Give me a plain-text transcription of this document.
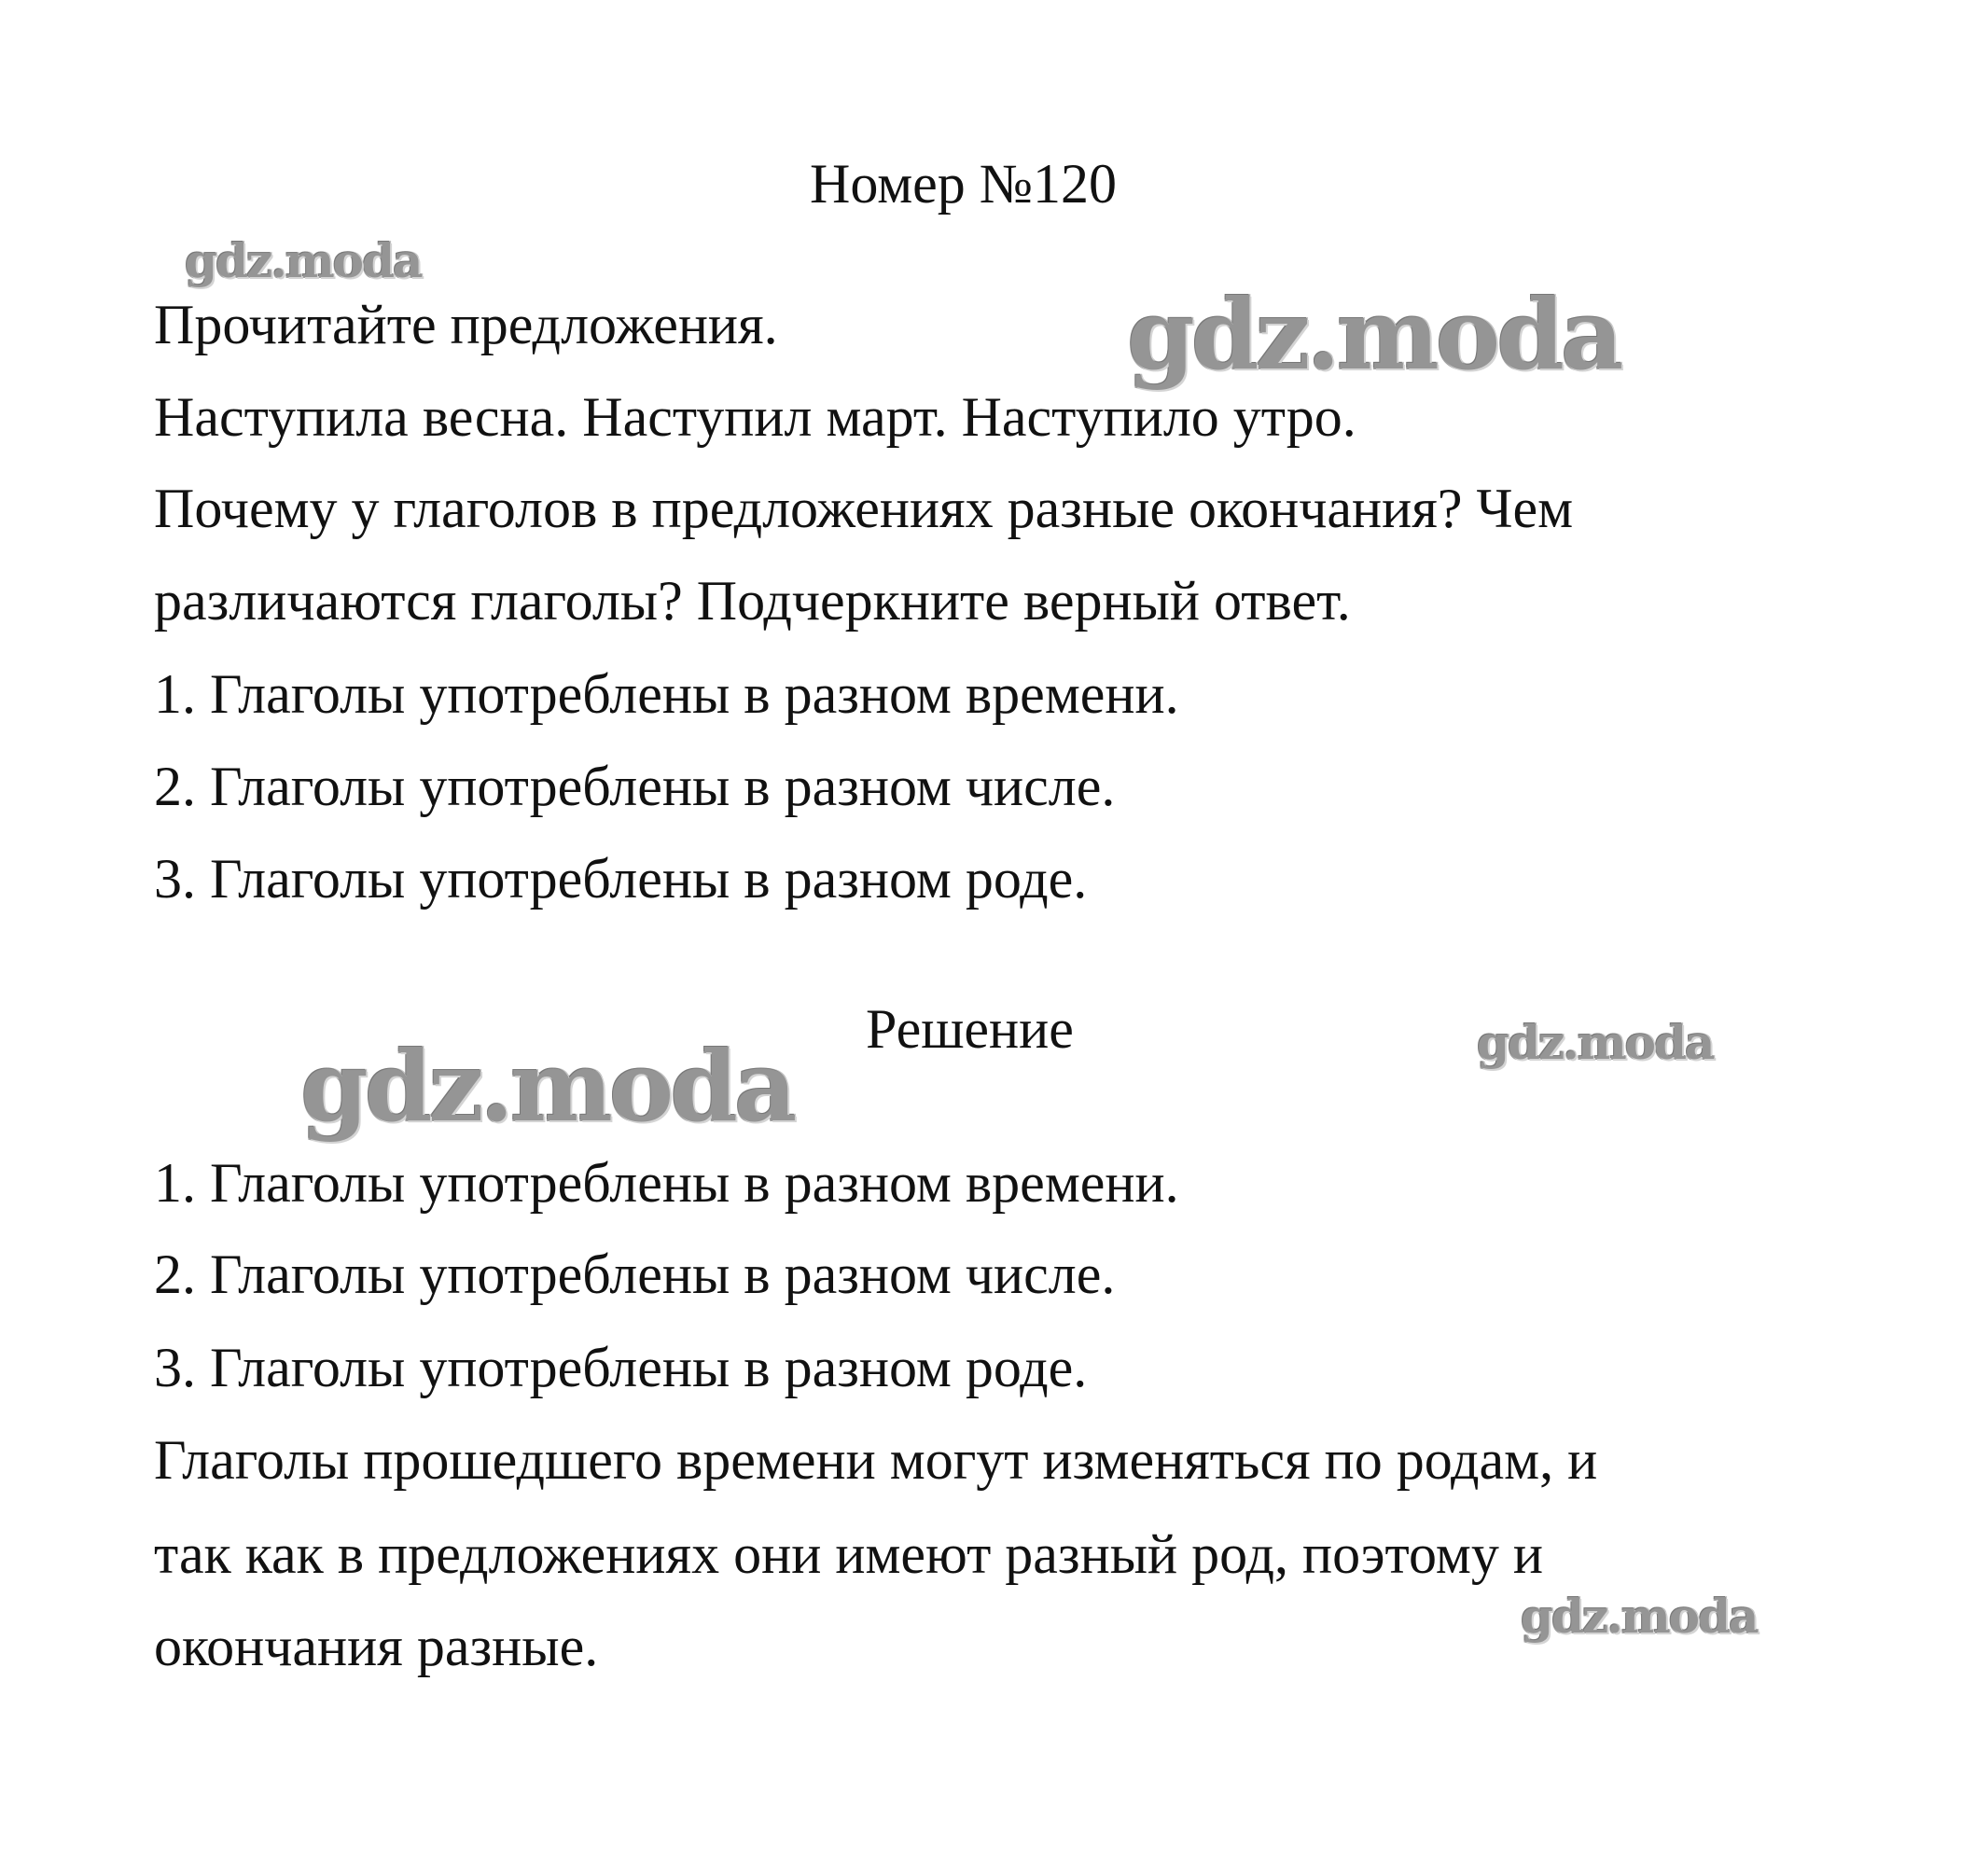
Номер №120
Прочитайте предложения.
Наступила весна. Наступил март. Наступило утро.
Почему у глаголов в предложениях разные окончания? Чем
различаются глаголы? Подчеркните верный ответ.
1. Глаголы употреблены в разном времени.
2. Глаголы употреблены в разном числе.
3. Глаголы употреблены в разном роде.
Решение
1. Глаголы употреблены в разном времени.
2. Глаголы употреблены в разном числе.
3. Глаголы употреблены в разном роде.
Глаголы прошедшего времени могут изменяться по родам, и
так как в предложениях они имеют разный род, поэтому и
окончания разные.
gdz.moda
gdz.moda
gdz.moda	gdz.moda
gdz.moda
